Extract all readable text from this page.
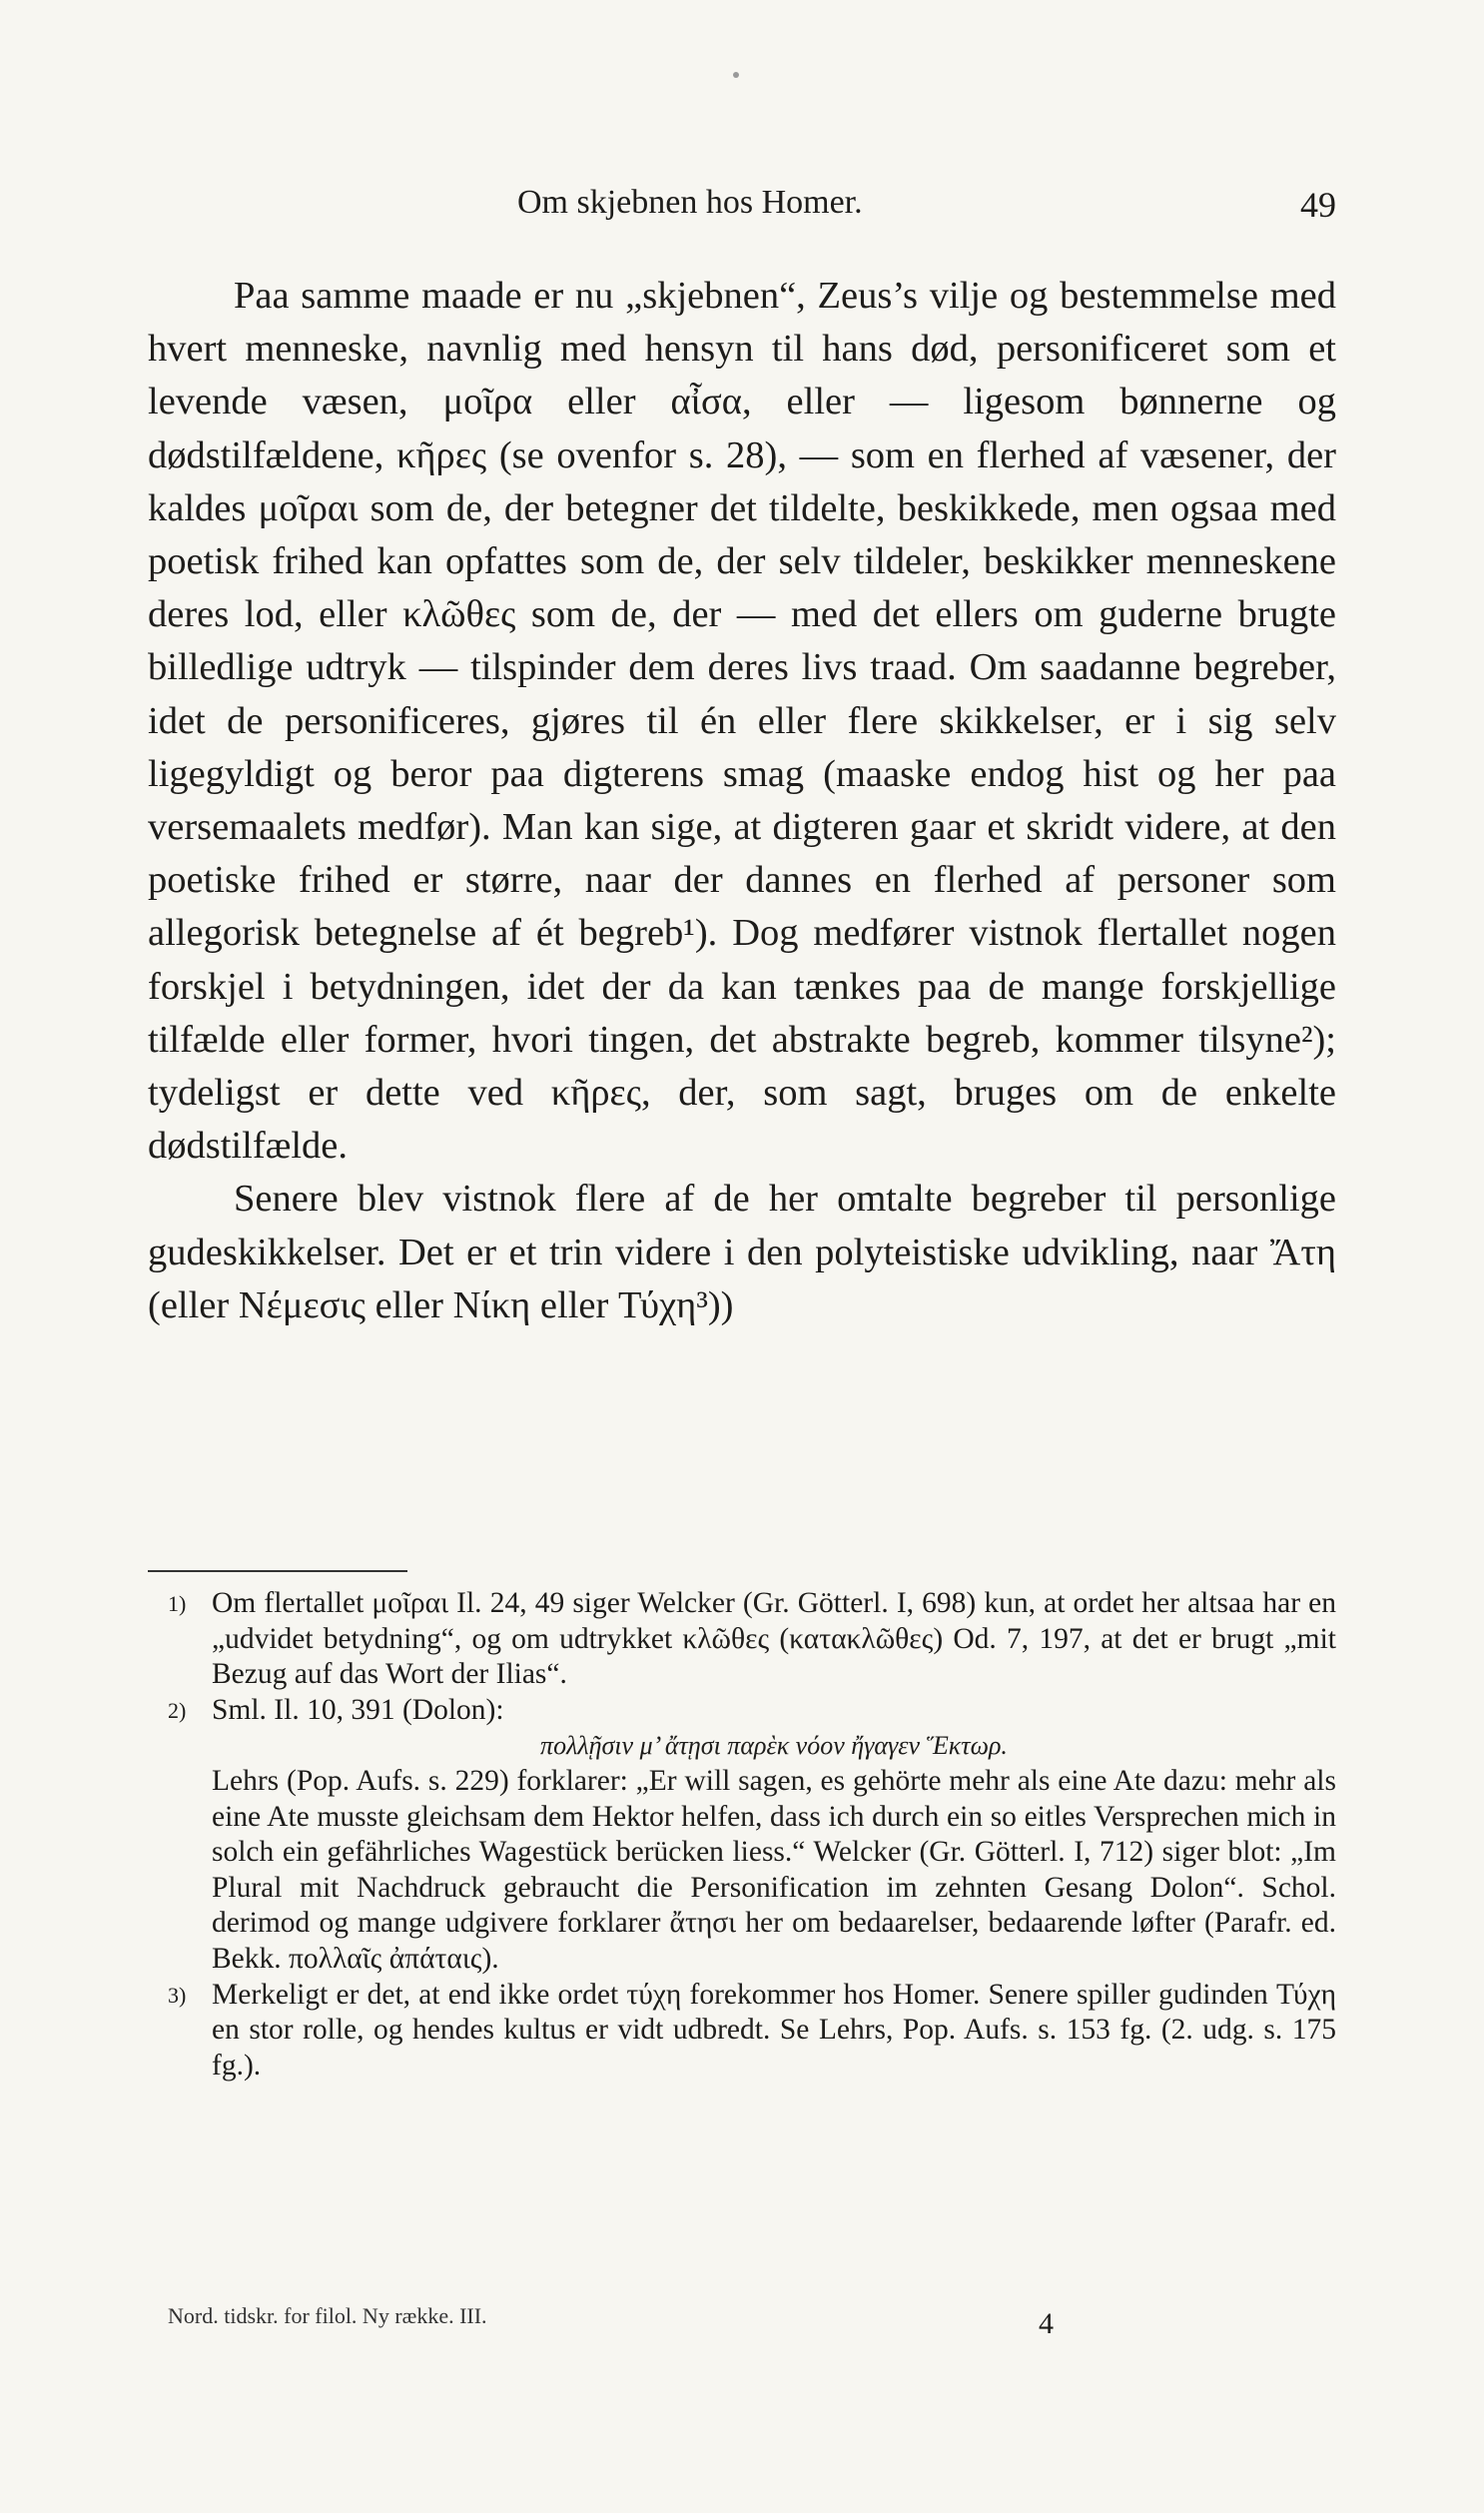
Om skjebnen hos Homer.	49

Paa samme maade er nu „skjebnen“, Zeus’s vilje og bestemmelse med hvert menneske, navnlig med hensyn til hans død, personificeret som et levende væsen, μοῖρα eller αἶσα, eller — ligesom bønnerne og dødstilfældene, κῆρες (se ovenfor s. 28), — som en flerhed af væsener, der kaldes μοῖραι som de, der betegner det tildelte, beskikkede, men ogsaa med poetisk frihed kan opfattes som de, der selv tildeler, beskikker menneskene deres lod, eller κλῶθες som de, der — med det ellers om guderne brugte billedlige udtryk — tilspinder dem deres livs traad. Om saadanne begreber, idet de personificeres, gjøres til én eller flere skikkelser, er i sig selv ligegyldigt og beror paa digterens smag (maaske endog hist og her paa versemaalets medfør). Man kan sige, at digteren gaar et skridt videre, at den poetiske frihed er større, naar der dannes en flerhed af personer som allegorisk betegnelse af ét begreb¹). Dog medfører vistnok flertallet nogen forskjel i betydningen, idet der da kan tænkes paa de mange forskjellige tilfælde eller former, hvori tingen, det abstrakte begreb, kommer tilsyne²); tydeligst er dette ved κῆρες, der, som sagt, bruges om de enkelte dødstilfælde.

Senere blev vistnok flere af de her omtalte begreber til personlige gudeskikkelser. Det er et trin videre i den polyteistiske udvikling, naar Ἄτη (eller Νέμεσις eller Νίκη eller Τύχη³))

1) Om flertallet μοῖραι Il. 24, 49 siger Welcker (Gr. Götterl. I, 698) kun, at ordet her altsaa har en „udvidet betydning“, og om udtrykket κλῶθες (κατακλῶθες) Od. 7, 197, at det er brugt „mit Bezug auf das Wort der Ilias“.

2) Sml. Il. 10, 391 (Dolon):

πολλῇσιν μ’ ἄτῃσι παρὲκ νόον ἤγαγεν Ἕκτωρ.

Lehrs (Pop. Aufs. s. 229) forklarer: „Er will sagen, es gehörte mehr als eine Ate dazu: mehr als eine Ate musste gleichsam dem Hektor helfen, dass ich durch ein so eitles Versprechen mich in solch ein gefährliches Wagestück berücken liess.“ Welcker (Gr. Götterl. I, 712) siger blot: „Im Plural mit Nachdruck gebraucht die Personification im zehnten Gesang Dolon“. Schol. derimod og mange udgivere forklarer ἄτησι her om bedaarelser, bedaarende løfter (Parafr. ed. Bekk. πολλαῖς ἀπάταις).

3) Merkeligt er det, at end ikke ordet τύχη forekommer hos Homer. Senere spiller gudinden Τύχη en stor rolle, og hendes kultus er vidt udbredt. Se Lehrs, Pop. Aufs. s. 153 fg. (2. udg. s. 175 fg.).

Nord. tidskr. for filol. Ny række. III.	4
